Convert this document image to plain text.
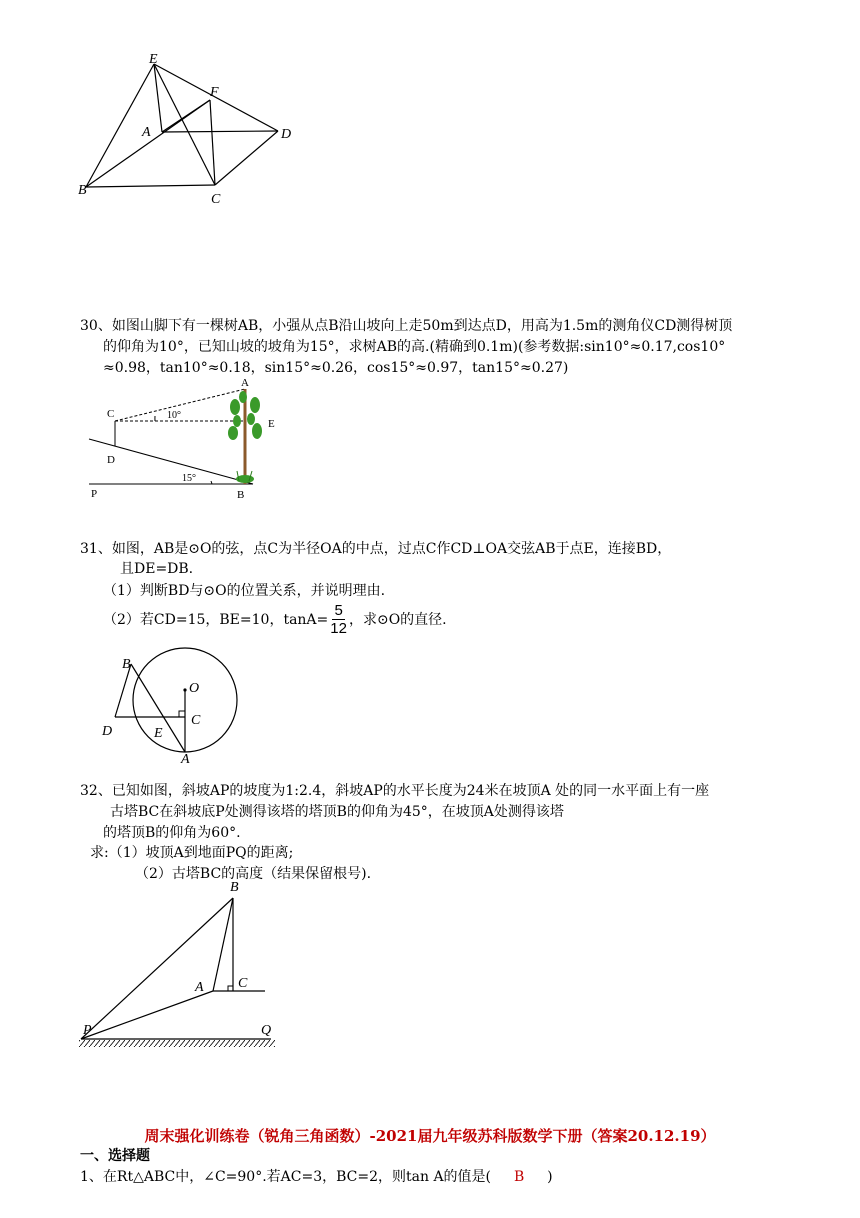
E
F
A	D
B
C
30、如图山脚下有一棵树AB，小强从点B沿山坡向上走50m到达点D，用高为1.5m的测角仪CD测得树顶
的仰角为10°，已知山坡的坡角为15°，求树AB的高.(精确到0.1m)(参考数据:sin10°≈0.17,cos10°
≈0.98，tan10°≈0.18，sin15°≈0.26，cos15°≈0.97，tan15°≈0.27)
A
C	10°
E
D
15°
P	B
31、如图，AB是⊙O的弦，点C为半径OA的中点，过点C作CD⊥OA交弦AB于点E，连接BD，
且DE=DB.
（1）判断BD与⊙O的位置关系，并说明理由.
（2）若CD=15，BE=10，$\tan A= \frac{5}{12}$ ，求⊙O的直径.
B
O
C
D	E
A
32、已知如图，斜坡AP的坡度为1:2.4，斜坡AP的水平长度为24米在坡顶A 处的同一水平面上有一座
古塔BC在斜坡底P处测得该塔的塔顶B的仰角为45°，在坡顶A处测得该塔
的塔顶B的仰角为60°.
求:（1）坡顶A到地面PQ的距离;
（2）古塔BC的高度（结果保留根号).
B
A C
P	Q
周末强化训练卷（锐角三角函数）-2021届九年级苏科版数学下册（答案20.12.19）
一、选择题
1、在Rt△ABC中，∠C=90°.若AC=3，BC=2，则tan A的值是( B )
